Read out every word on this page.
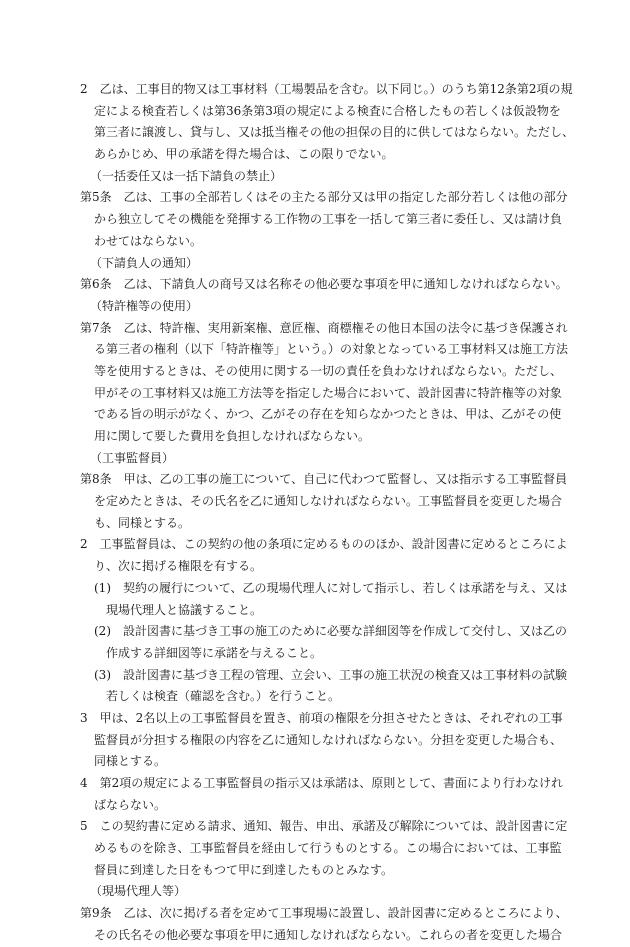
2　乙は、工事目的物又は工事材料（工場製品を含む。以下同じ。）のうち第12条第2項の規
定による検査若しくは第36条第3項の規定による検査に合格したもの若しくは仮設物を
第三者に譲渡し、貸与し、又は抵当権その他の担保の目的に供してはならない。ただし、
あらかじめ、甲の承諾を得た場合は、この限りでない。
（一括委任又は一括下請負の禁止）
第5条　乙は、工事の全部若しくはその主たる部分又は甲の指定した部分若しくは他の部分
から独立してその機能を発揮する工作物の工事を一括して第三者に委任し、又は請け負
わせてはならない。
（下請負人の通知）
第6条　乙は、下請負人の商号又は名称その他必要な事項を甲に通知しなければならない。
（特許権等の使用）
第7条　乙は、特許権、実用新案権、意匠権、商標権その他日本国の法令に基づき保護され
る第三者の権利（以下「特許権等」という。）の対象となっている工事材料又は施工方法
等を使用するときは、その使用に関する一切の責任を負わなければならない。ただし、
甲がその工事材料又は施工方法等を指定した場合において、設計図書に特許権等の対象
である旨の明示がなく、かつ、乙がその存在を知らなかつたときは、甲は、乙がその使
用に関して要した費用を負担しなければならない。
（工事監督員）
第8条　甲は、乙の工事の施工について、自己に代わつて監督し、又は指示する工事監督員
を定めたときは、その氏名を乙に通知しなければならない。工事監督員を変更した場合
も、同様とする。
2　工事監督員は、この契約の他の条項に定めるもののほか、設計図書に定めるところによ
り、次に掲げる権限を有する。
(1)　契約の履行について、乙の現場代理人に対して指示し、若しくは承諾を与え、又は
現場代理人と協議すること。
(2)　設計図書に基づき工事の施工のために必要な詳細図等を作成して交付し、又は乙の
作成する詳細図等に承諾を与えること。
(3)　設計図書に基づき工程の管理、立会い、工事の施工状況の検査又は工事材料の試験
若しくは検査（確認を含む。）を行うこと。
3　甲は、2名以上の工事監督員を置き、前項の権限を分担させたときは、それぞれの工事
監督員が分担する権限の内容を乙に通知しなければならない。分担を変更した場合も、
同様とする。
4　第2項の規定による工事監督員の指示又は承諾は、原則として、書面により行わなけれ
ばならない。
5　この契約書に定める請求、通知、報告、申出、承諾及び解除については、設計図書に定
めるものを除き、工事監督員を経由して行うものとする。この場合においては、工事監
督員に到達した日をもつて甲に到達したものとみなす。
（現場代理人等）
第9条　乙は、次に掲げる者を定めて工事現場に設置し、設計図書に定めるところにより、
その氏名その他必要な事項を甲に通知しなければならない。これらの者を変更した場合
